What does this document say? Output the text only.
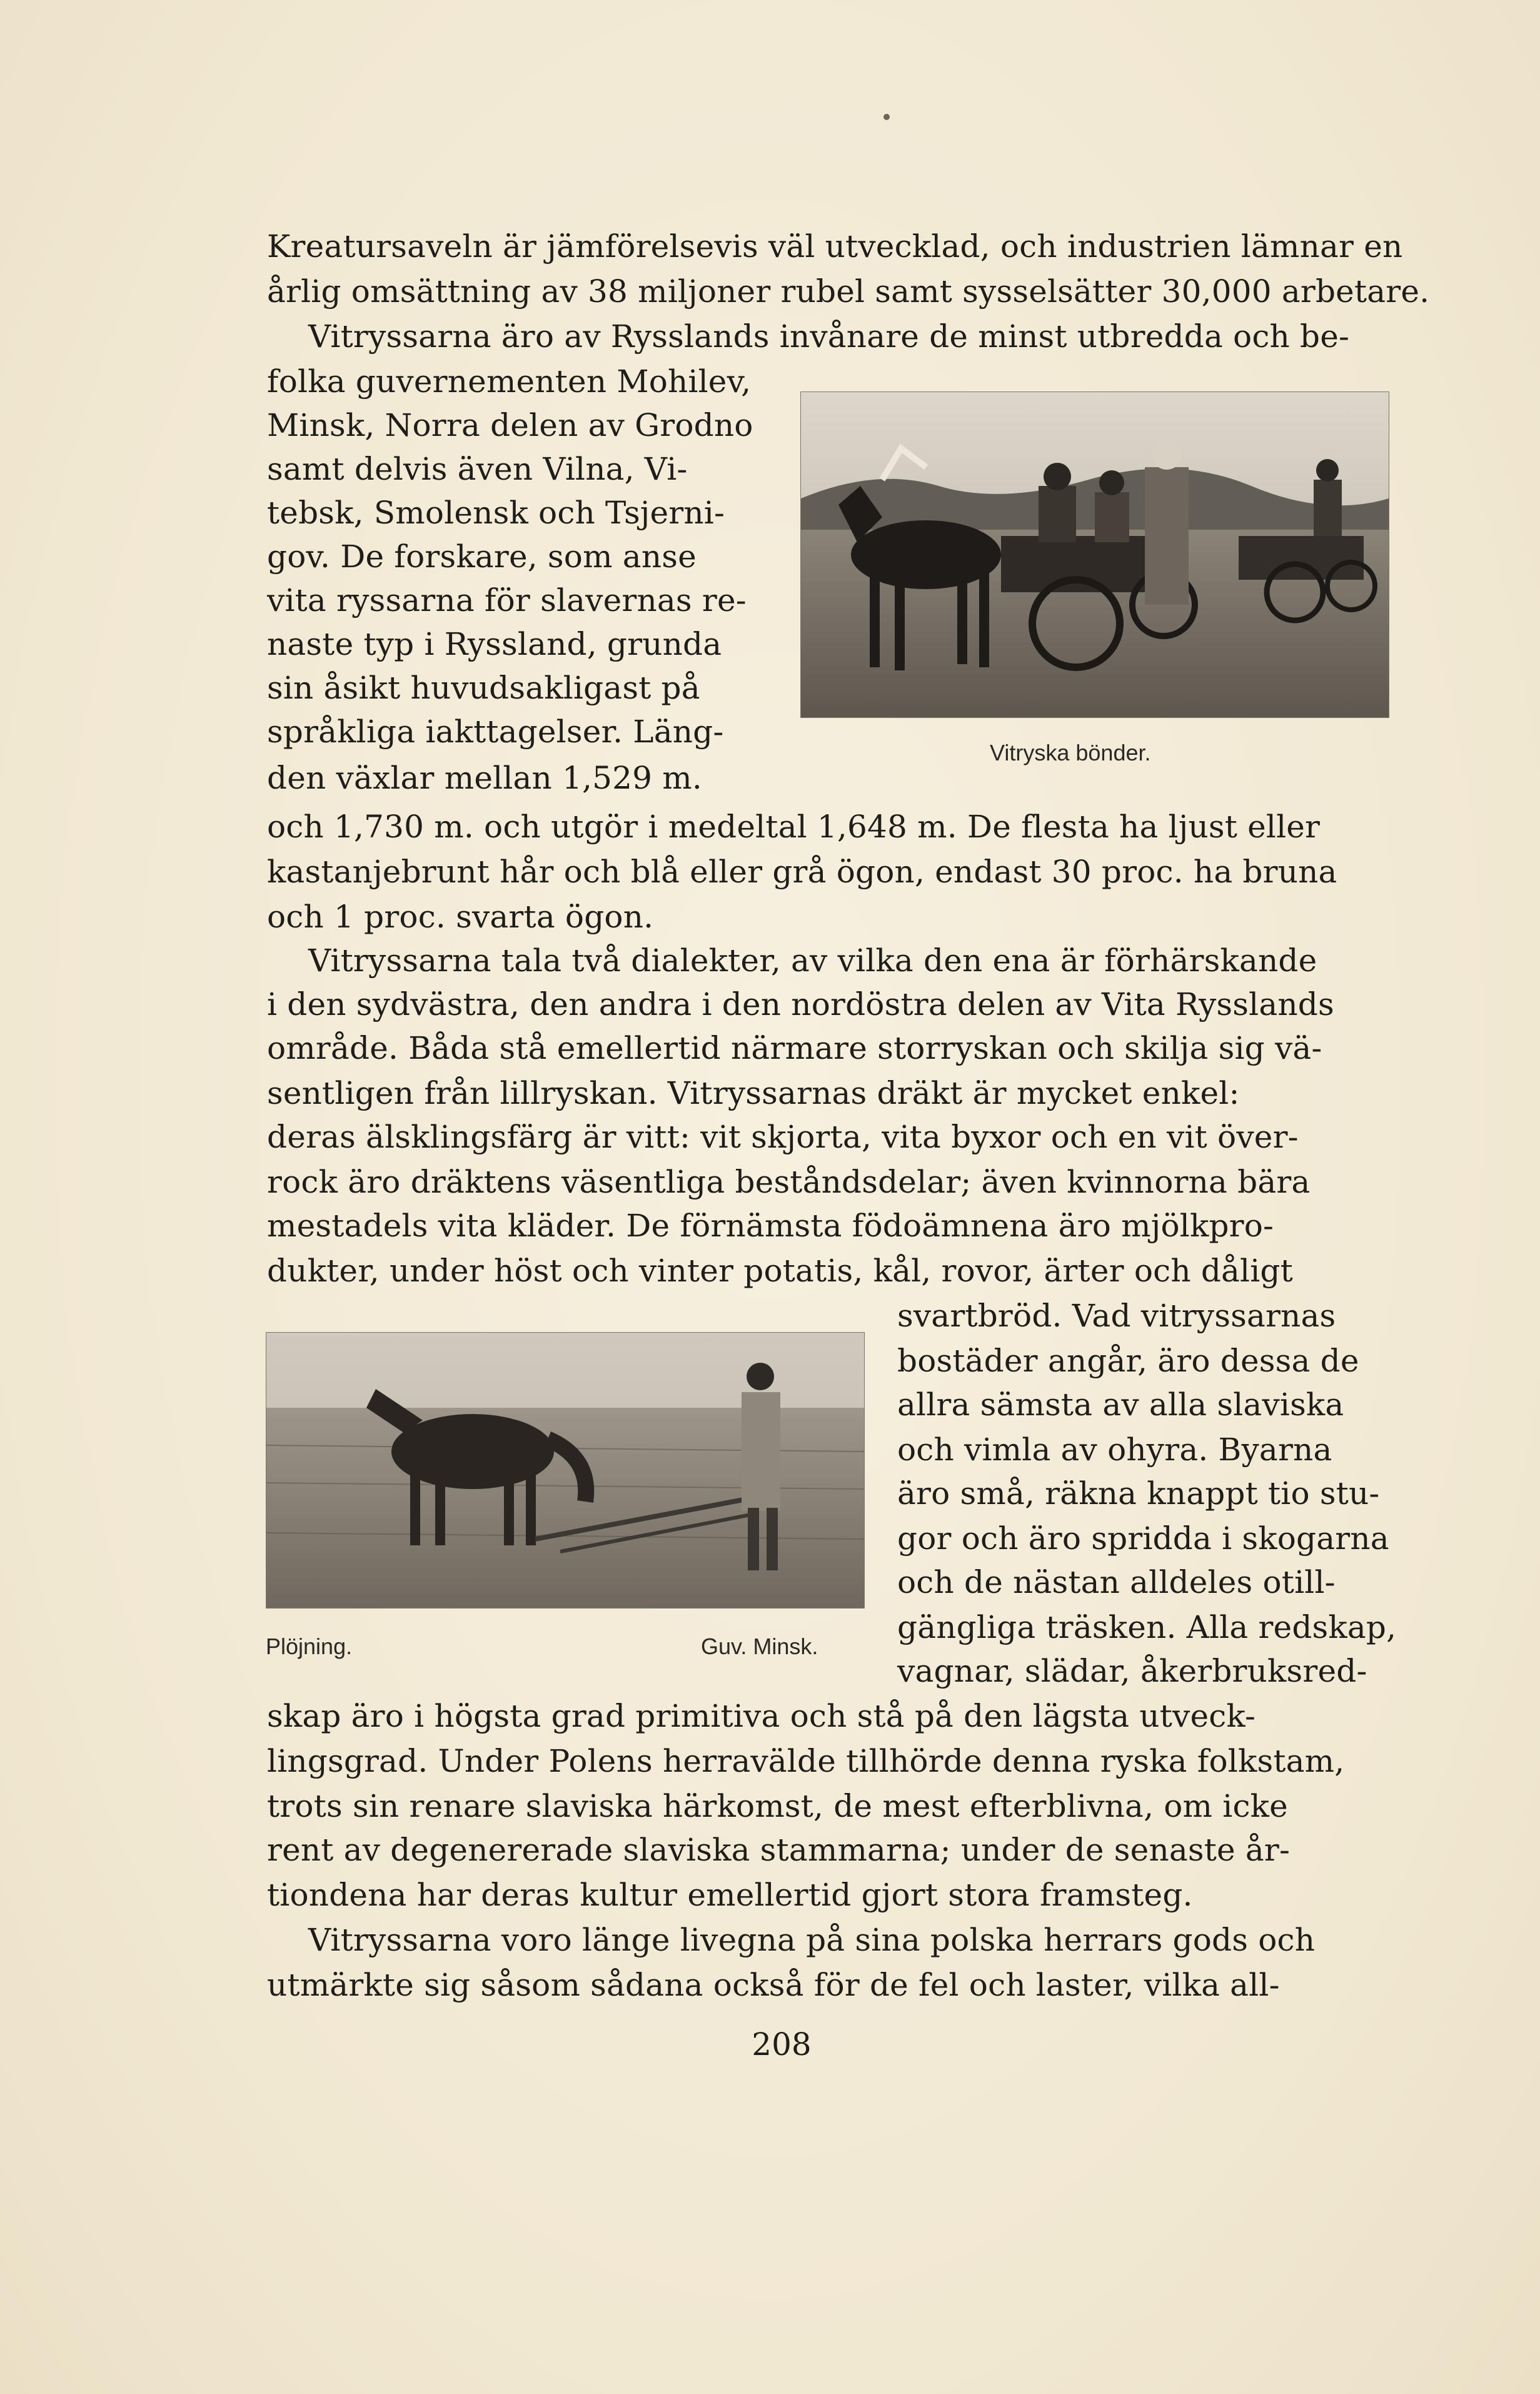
Kreatursaveln är jämförelsevis väl utvecklad, och industrien lämnar en
årlig omsättning av 38 miljoner rubel samt sysselsätter 30,000 arbetare.
Vitryssarna äro av Rysslands invånare de minst utbredda och be-
folka guvernementen Mohilev,
Minsk, Norra delen av Grodno
samt delvis även Vilna, Vi-
tebsk, Smolensk och Tsjerni-
gov. De forskare, som anse
vita ryssarna för slavernas re-
naste typ i Ryssland, grunda
sin åsikt huvudsakligast på
språkliga iakttagelser. Läng-
den växlar mellan 1,529 m.
Vitryska bönder.
och 1,730 m. och utgör i medeltal 1,648 m. De flesta ha ljust eller
kastanjebrunt hår och blå eller grå ögon, endast 30 proc. ha bruna
och 1 proc. svarta ögon.
Vitryssarna tala två dialekter, av vilka den ena är förhärskande
i den sydvästra, den andra i den nordöstra delen av Vita Rysslands
område. Båda stå emellertid närmare storryskan och skilja sig vä-
sentligen från lillryskan. Vitryssarnas dräkt är mycket enkel:
deras älsklingsfärg är vitt: vit skjorta, vita byxor och en vit över-
rock äro dräktens väsentliga beståndsdelar; även kvinnorna bära
mestadels vita kläder. De förnämsta födoämnena äro mjölkpro-
dukter, under höst och vinter potatis, kål, rovor, ärter och dåligt
Plöjning.	Guv. Minsk.
svartbröd. Vad vitryssarnas
bostäder angår, äro dessa de
allra sämsta av alla slaviska
och vimla av ohyra. Byarna
äro små, räkna knappt tio stu-
gor och äro spridda i skogarna
och de nästan alldeles otill-
gängliga träsken. Alla redskap,
vagnar, slädar, åkerbruksred-
skap äro i högsta grad primitiva och stå på den lägsta utveck-
lingsgrad. Under Polens herravälde tillhörde denna ryska folkstam,
trots sin renare slaviska härkomst, de mest efterblivna, om icke
rent av degenererade slaviska stammarna; under de senaste år-
tiondena har deras kultur emellertid gjort stora framsteg.
Vitryssarna voro länge livegna på sina polska herrars gods och
utmärkte sig såsom sådana också för de fel och laster, vilka all-
208
